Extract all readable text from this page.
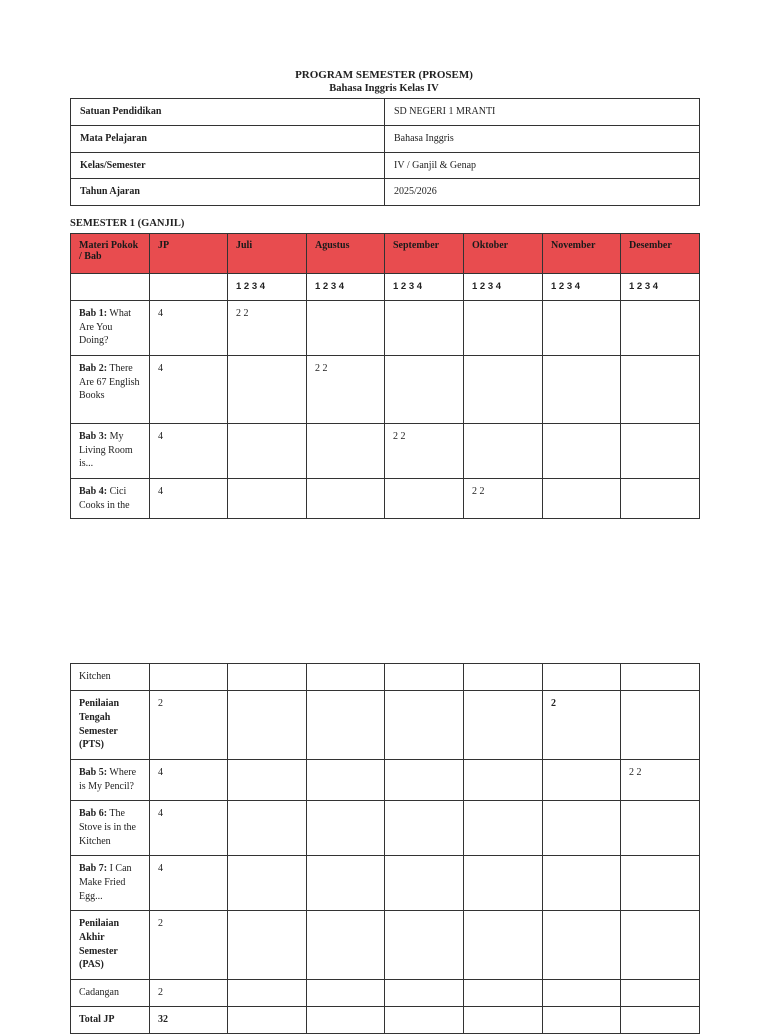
PROGRAM SEMESTER (PROSEM)
Bahasa Inggris Kelas IV
Satuan Pendidikan	SD NEGERI 1 MRANTI
Mata Pelajaran	Bahasa Inggris
Kelas/Semester	IV / Ganjil & Genap
Tahun Ajaran	2025/2026
SEMESTER 1 (GANJIL)
Materi Pokok / Bab	JP	Juli	Agustus	September	Oktober	November	Desember
		1 2 3 4	1 2 3 4	1 2 3 4	1 2 3 4	1 2 3 4	1 2 3 4
Bab 1: What Are You Doing?	4	2 2					
Bab 2: There Are 67 English Books	4		2 2				
Bab 3: My Living Room is...	4			2 2			
Bab 4: Cici Cooks in the	4				2 2		
Kitchen							
Penilaian Tengah Semester (PTS)	2					2	
Bab 5: Where is My Pencil?	4						2 2
Bab 6: The Stove is in the Kitchen	4						
Bab 7: I Can Make Fried Egg...	4						
Penilaian Akhir Semester (PAS)	2						
Cadangan	2						
Total JP	32						
